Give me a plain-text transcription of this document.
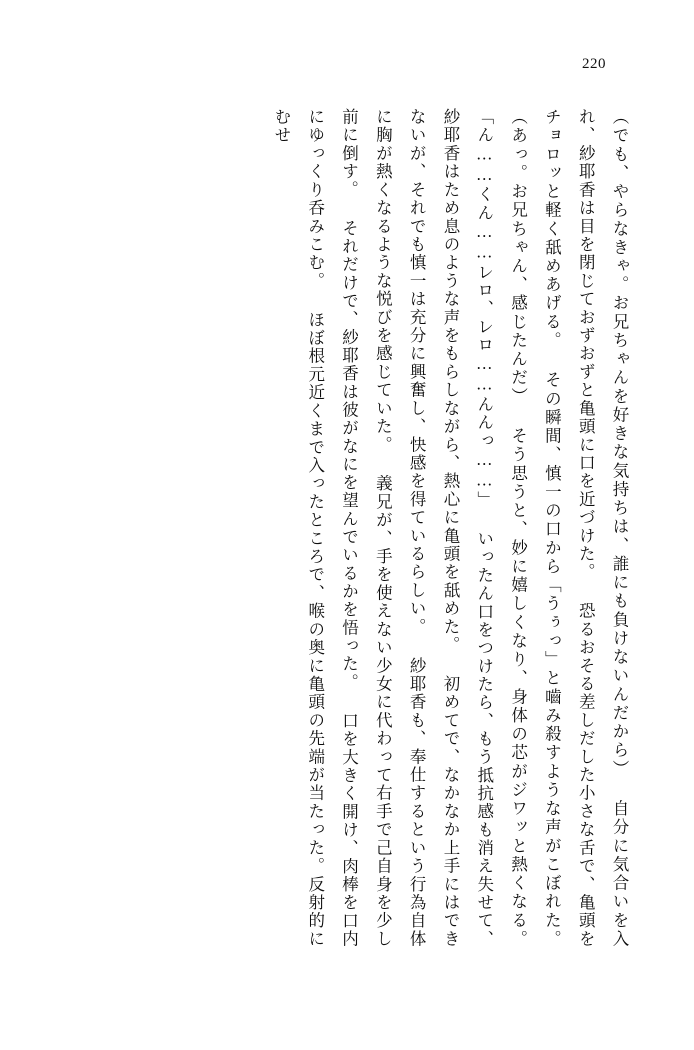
220
（でも、やらなきゃ。お兄ちゃんを好きな気持ちは、誰にも負けないんだから） 自分に気合いを入れ、紗耶香は目を閉じておずおずと亀頭に口を近づけた。 恐るおそる差しだした小さな舌で、亀頭をチョロッと軽く舐めあげる。 その瞬間、慎一の口から「うぅっ」と嚙み殺すような声がこぼれた。 （あっ。お兄ちゃん、感じたんだ） そう思うと、妙に嬉しくなり、身体の芯がジワッと熱くなる。 「ん……くん……レロ、レロ……んんっ……」 いったん口をつけたら、もう抵抗感も消え失せて、紗耶香はため息のような声をもらしながら、熱心に亀頭を舐めた。 初めてで、なかなか上手にはできないが、それでも慎一は充分に興奮し、快感を得ているらしい。 紗耶香も、奉仕するという行為自体に胸が熱くなるような悦びを感じていた。 義兄が、手を使えない少女に代わって右手で己自身を少し前に倒す。 それだけで、紗耶香は彼がなにを望んでいるかを悟った。 口を大きく開け、肉棒を口内にゆっくり呑みこむ。 ほぼ根元近くまで入ったところで、喉の奥に亀頭の先端が当たった。反射的にむせ
